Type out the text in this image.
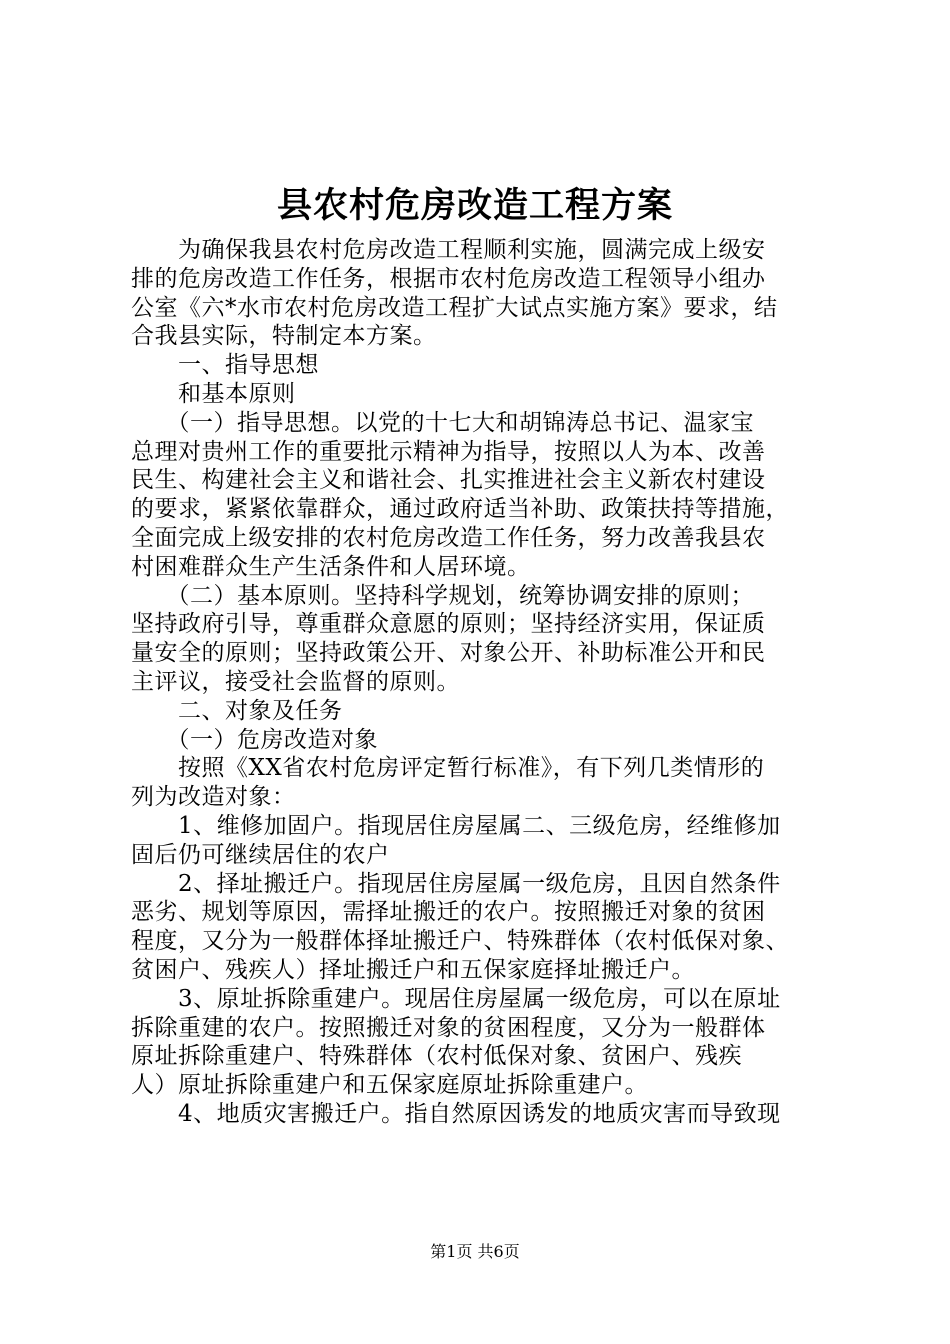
县农村危房改造工程方案
　　为确保我县农村危房改造工程顺利实施，圆满完成上级安
排的危房改造工作任务，根据市农村危房改造工程领导小组办
公室《六*水市农村危房改造工程扩大试点实施方案》要求，结
合我县实际，特制定本方案。
　　一、指导思想
　　和基本原则
　　（一）指导思想。以党的十七大和胡锦涛总书记、温家宝
总理对贵州工作的重要批示精神为指导，按照以人为本、改善
民生、构建社会主义和谐社会、扎实推进社会主义新农村建设
的要求，紧紧依靠群众，通过政府适当补助、政策扶持等措施，
全面完成上级安排的农村危房改造工作任务，努力改善我县农
村困难群众生产生活条件和人居环境。
　　（二）基本原则。坚持科学规划，统筹协调安排的原则；
坚持政府引导，尊重群众意愿的原则；坚持经济实用，保证质
量安全的原则；坚持政策公开、对象公开、补助标准公开和民
主评议，接受社会监督的原则。
　　二、对象及任务
　　（一）危房改造对象
　　按照《XX省农村危房评定暂行标准》，有下列几类情形的
列为改造对象：
　　1、维修加固户。指现居住房屋属二、三级危房，经维修加
固后仍可继续居住的农户
　　2、择址搬迁户。指现居住房屋属一级危房，且因自然条件
恶劣、规划等原因，需择址搬迁的农户。按照搬迁对象的贫困
程度，又分为一般群体择址搬迁户、特殊群体（农村低保对象、
贫困户、残疾人）择址搬迁户和五保家庭择址搬迁户。
　　3、原址拆除重建户。现居住房屋属一级危房，可以在原址
拆除重建的农户。按照搬迁对象的贫困程度，又分为一般群体
原址拆除重建户、特殊群体（农村低保对象、贫困户、残疾
人）原址拆除重建户和五保家庭原址拆除重建户。
　　4、地质灾害搬迁户。指自然原因诱发的地质灾害而导致现
第1页 共6页
